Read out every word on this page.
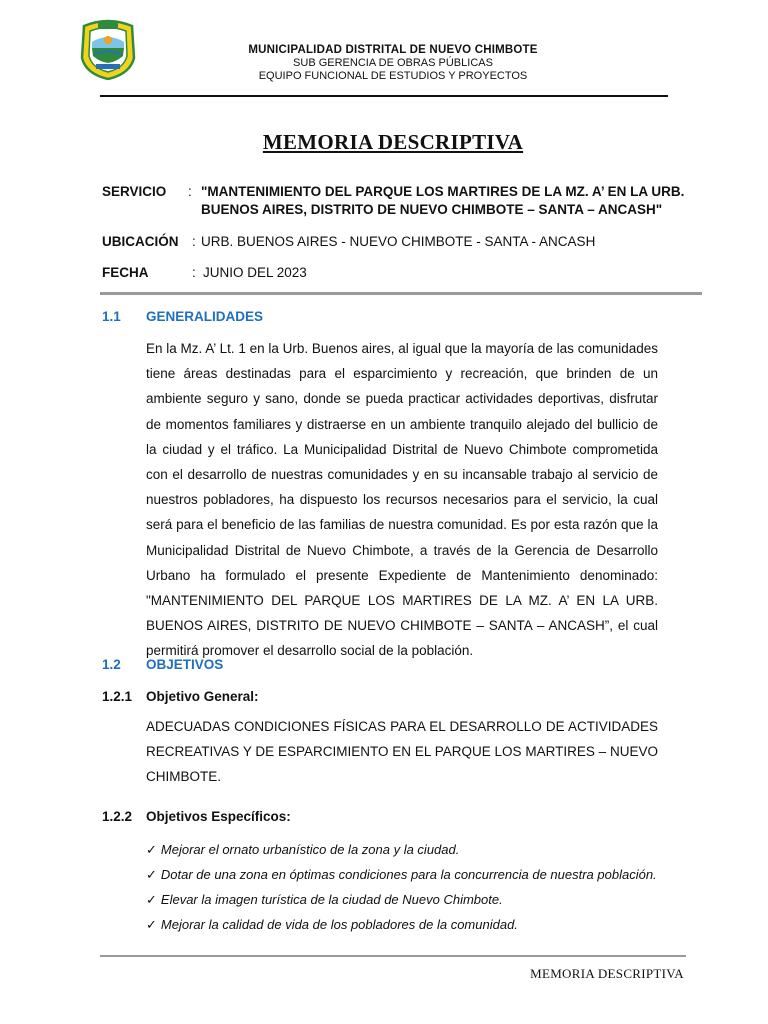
MUNICIPALIDAD DISTRITAL DE NUEVO CHIMBOTE
SUB GERENCIA DE OBRAS PÚBLICAS
EQUIPO FUNCIONAL DE ESTUDIOS Y PROYECTOS
MEMORIA DESCRIPTIVA
SERVICIO : "MANTENIMIENTO DEL PARQUE LOS MARTIRES DE LA MZ. A’ EN LA URB.
BUENOS AIRES, DISTRITO DE NUEVO CHIMBOTE – SANTA – ANCASH"
UBICACIÓN : URB. BUENOS AIRES - NUEVO CHIMBOTE - SANTA - ANCASH
FECHA	: JUNIO DEL 2023
1.1 GENERALIDADES
En la Mz. A’ Lt. 1 en la Urb. Buenos aires, al igual que la mayoría de las comunidades tiene áreas destinadas para el esparcimiento y recreación, que brinden de un ambiente seguro y sano, donde se pueda practicar actividades deportivas, disfrutar de momentos familiares y distraerse en un ambiente tranquilo alejado del bullicio de la ciudad y el tráfico. La Municipalidad Distrital de Nuevo Chimbote comprometida con el desarrollo de nuestras comunidades y en su incansable trabajo al servicio de nuestros pobladores, ha dispuesto los recursos necesarios para el servicio, la cual será para el beneficio de las familias de nuestra comunidad. Es por esta razón que la Municipalidad Distrital de Nuevo Chimbote, a través de la Gerencia de Desarrollo Urbano ha formulado el presente Expediente de Mantenimiento denominado: "MANTENIMIENTO DEL PARQUE LOS MARTIRES DE LA MZ. A’ EN LA URB. BUENOS AIRES, DISTRITO DE NUEVO CHIMBOTE – SANTA – ANCASH”, el cual permitirá promover el desarrollo social de la población.
1.2 OBJETIVOS
1.2.1 Objetivo General:
ADECUADAS CONDICIONES FÍSICAS PARA EL DESARROLLO DE ACTIVIDADES RECREATIVAS Y DE ESPARCIMIENTO EN EL PARQUE LOS MARTIRES – NUEVO CHIMBOTE.
1.2.2 Objetivos Específicos:
✓ Mejorar el ornato urbanístico de la zona y la ciudad.
✓ Dotar de una zona en óptimas condiciones para la concurrencia de nuestra población.
✓ Elevar la imagen turística de la ciudad de Nuevo Chimbote.
✓ Mejorar la calidad de vida de los pobladores de la comunidad.
MEMORIA DESCRIPTIVA
